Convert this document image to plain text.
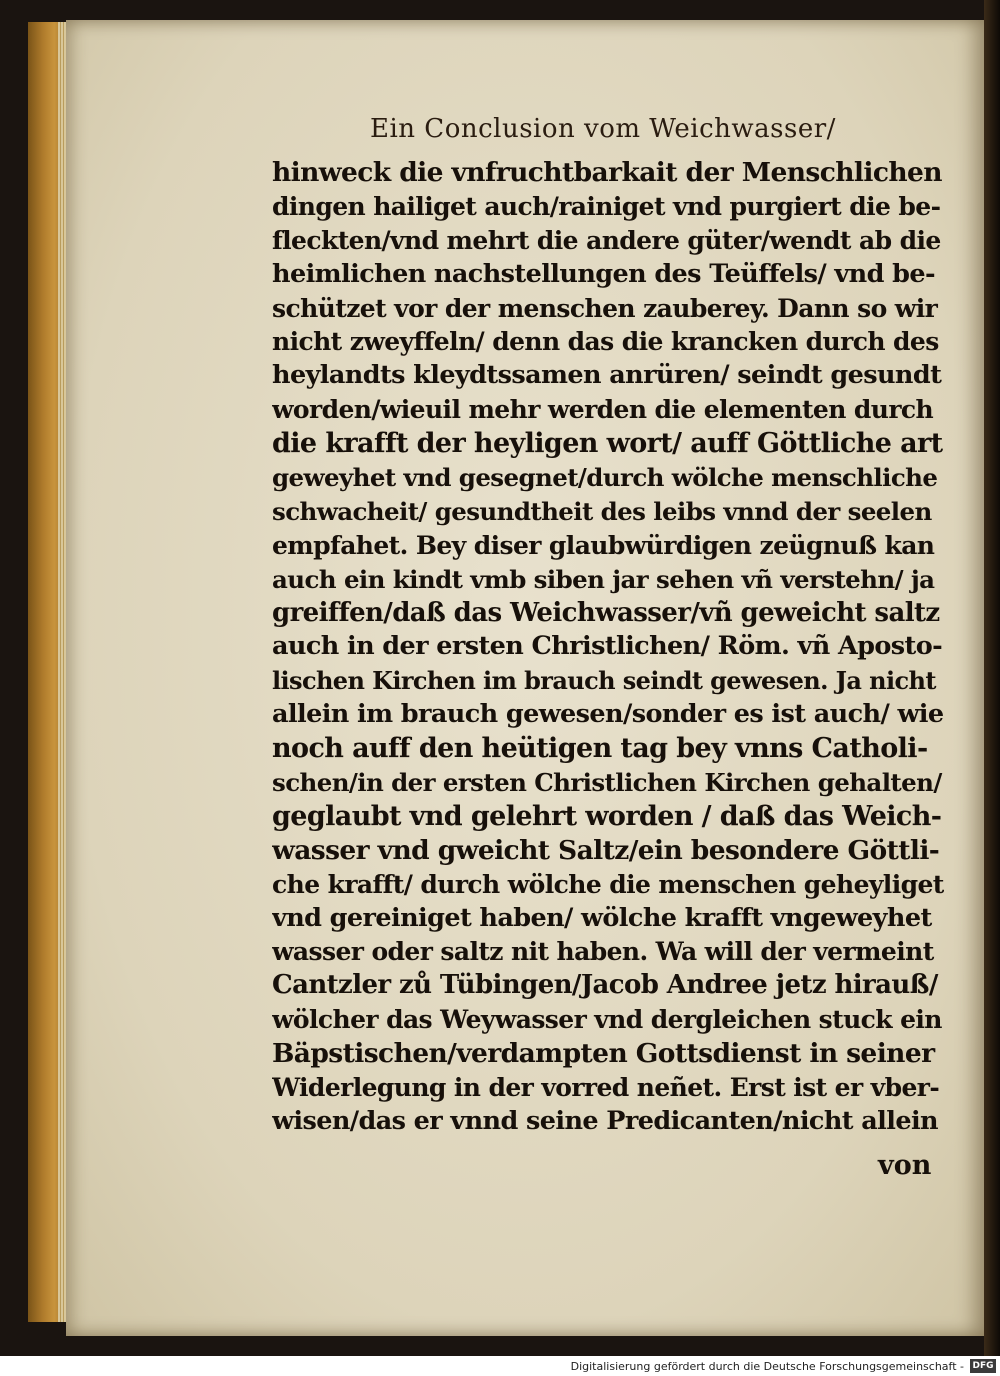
Ein Conclusion vom Weichwasser/
hinweck die vnfruchtbarkait der Menschlichen
dingen hailiget auch/rainiget vnd purgiert die be-
fleckten/vnd mehrt die andere güter/wendt ab die
heimlichen nachstellungen des Teüffels/ vnd be-
schützet vor der menschen zauberey. Dann so wir
nicht zweyffeln/ denn das die krancken durch des
heylandts kleydtssamen anrüren/ seindt gesundt
worden/wieuil mehr werden die elementen durch
die krafft der heyligen wort/ auff Göttliche art
geweyhet vnd gesegnet/durch wölche menschliche
schwacheit/ gesundtheit des leibs vnnd der seelen
empfahet. Bey diser glaubwürdigen zeügnuß kan
auch ein kindt vmb siben jar sehen vñ verstehn/ ja
greiffen/daß das Weichwasser/vñ geweicht saltz
auch in der ersten Christlichen/ Röm. vñ Aposto-
lischen Kirchen im brauch seindt gewesen. Ja nicht
allein im brauch gewesen/sonder es ist auch/ wie
noch auff den heütigen tag bey vnns Catholi-
schen/in der ersten Christlichen Kirchen gehalten/
geglaubt vnd gelehrt worden / daß das Weich-
wasser vnd gweicht Saltz/ein besondere Göttli-
che krafft/ durch wölche die menschen geheyliget
vnd gereiniget haben/ wölche krafft vngeweyhet
wasser oder saltz nit haben. Wa will der vermeint
Cantzler zů Tübingen/Jacob Andree jetz hirauß/
wölcher das Weywasser vnd dergleichen stuck ein
Bäpstischen/verdampten Gottsdienst in seiner
Widerlegung in der vorred neñet. Erst ist er vber-
wisen/das er vnnd seine Predicanten/nicht allein
von
Digitalisierung gefördert durch die Deutsche Forschungsgemeinschaft - DFG
